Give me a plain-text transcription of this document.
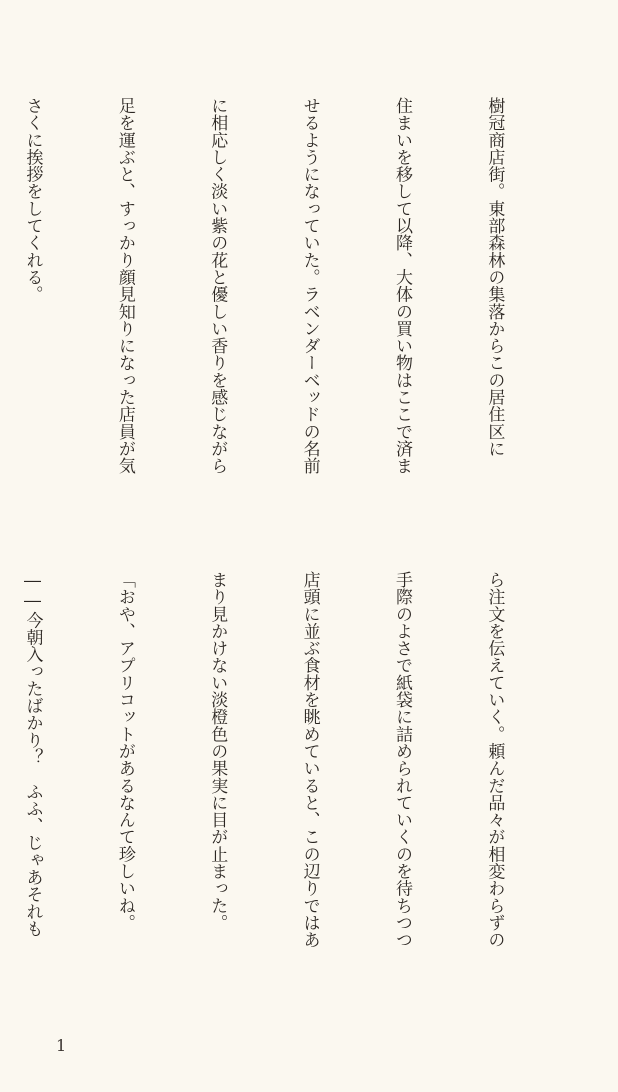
樹冠商店街。東部森林の集落からこの居住区に

住まいを移して以降、大体の買い物はここで済ま

せるようになっていた。ラベンダーベッドの名前

に相応しく淡い紫の花と優しい香りを感じながら

足を運ぶと、すっかり顔見知りになった店員が気

さくに挨拶をしてくれる。

ら注文を伝えていく。頼んだ品々が相変わらずの

手際のよさで紙袋に詰められていくのを待ちつつ

店頭に並ぶ食材を眺めていると、この辺りではあ

まり見かけない淡橙色の果実に目が止まった。

「おや、アプリコットがあるなんて珍しいね。

――今朝入ったばかり？　ふふ、じゃあそれも

1
